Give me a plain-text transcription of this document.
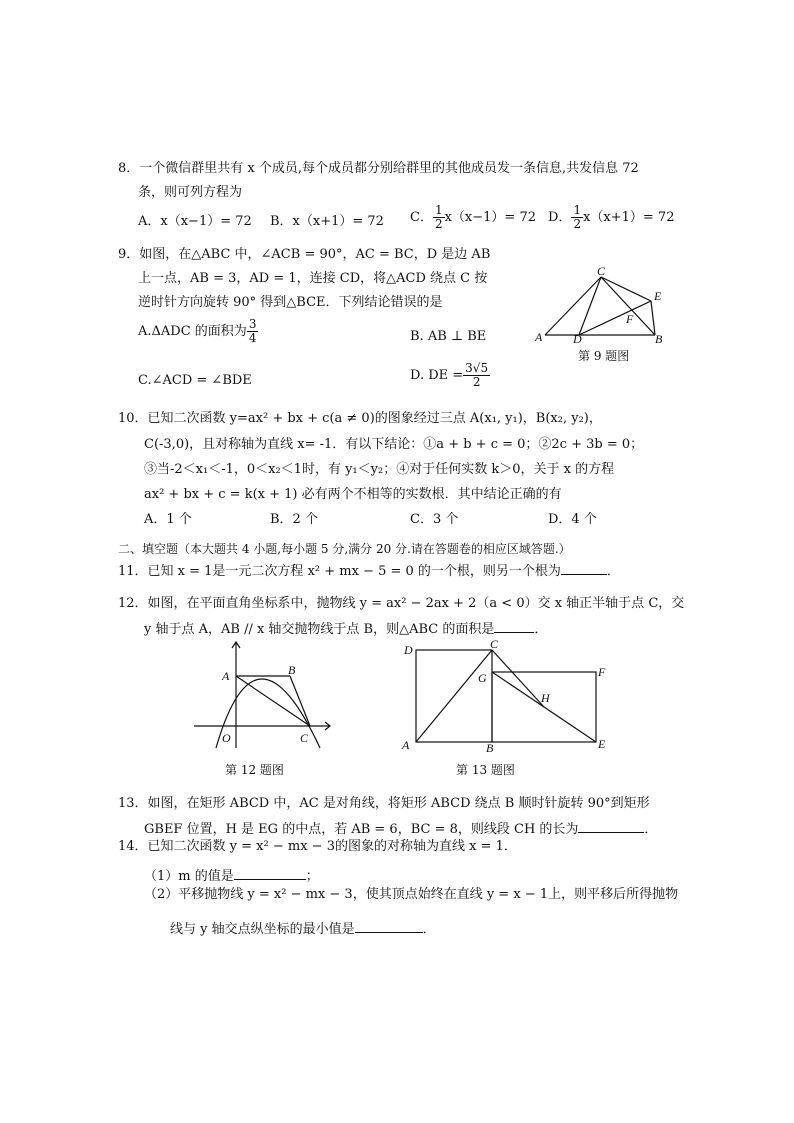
8．一个微信群里共有 x 个成员,每个成员都分别给群里的其他成员发一条信息,共发信息 72
条，则可列方程为
A．x（x−1）= 72 B．x（x+1）= 72 C． $\frac{1}{2} x(x-1)= 72$ D． $\frac{1}{2} x(x+1)= 72$
9．如图，在△ABC 中，∠ACB = 90°，AC = BC，D 是边 AB
上一点，AB = 3，AD = 1，连接 CD，将△ACD 绕点 C 按
逆时针方向旋转 90° 得到△BCE．下列结论错误的是
A.ΔADC 的面积为 $\frac{3}{4}$	B. AB ⊥ BE
C.∠ACD = ∠BDE	D. DE = $\frac{3√5}{2}$
A	D
C
E
F
B
第 9 题图
10．已知二次函数 y=ax² + bx + c(a ≠ 0)的图象经过三点 A(x₁, y₁)，B(x₂, y₂)，
C(-3,0)，且对称轴为直线 x= -1．有以下结论：①a + b + c = 0；②2c + 3b = 0；
③当-2＜x₁＜-1，0＜x₂＜1时，有 y₁＜y₂；④对于任何实数 k＞0，关于 x 的方程
ax² + bx + c = k(x + 1) 必有两个不相等的实数根．其中结论正确的有
A．1 个	B．2 个	C．3 个	D．4 个
二、填空题（本大题共 4 小题,每小题 5 分,满分 20 分.请在答题卷的相应区域答题.）
11．已知 x = 1是一元二次方程 x² + mx − 5 = 0 的一个根，则另一个根为	．
12．如图，在平面直角坐标系中，抛物线 y = ax² − 2ax + 2（a < 0）交 x 轴正半轴于点 C，交
y 轴于点 A，AB // x 轴交抛物线于点 B，则△ABC 的面积是	．
A	B
O	C
第 12 题图
D	C
G	F
H
A	B	E
第 13 题图
13．如图，在矩形 ABCD 中，AC 是对角线，将矩形 ABCD 绕点 B 顺时针旋转 90°到矩形
GBEF 位置，H 是 EG 的中点，若 AB = 6，BC = 8，则线段 CH 的长为	．
14．已知二次函数 y = x² − mx − 3的图象的对称轴为直线 x = 1．
（1）m 的值是	；
（2）平移抛物线 y = x² − mx − 3，使其顶点始终在直线 y = x − 1上，则平移后所得抛物
线与 y 轴交点纵坐标的最小值是	．
